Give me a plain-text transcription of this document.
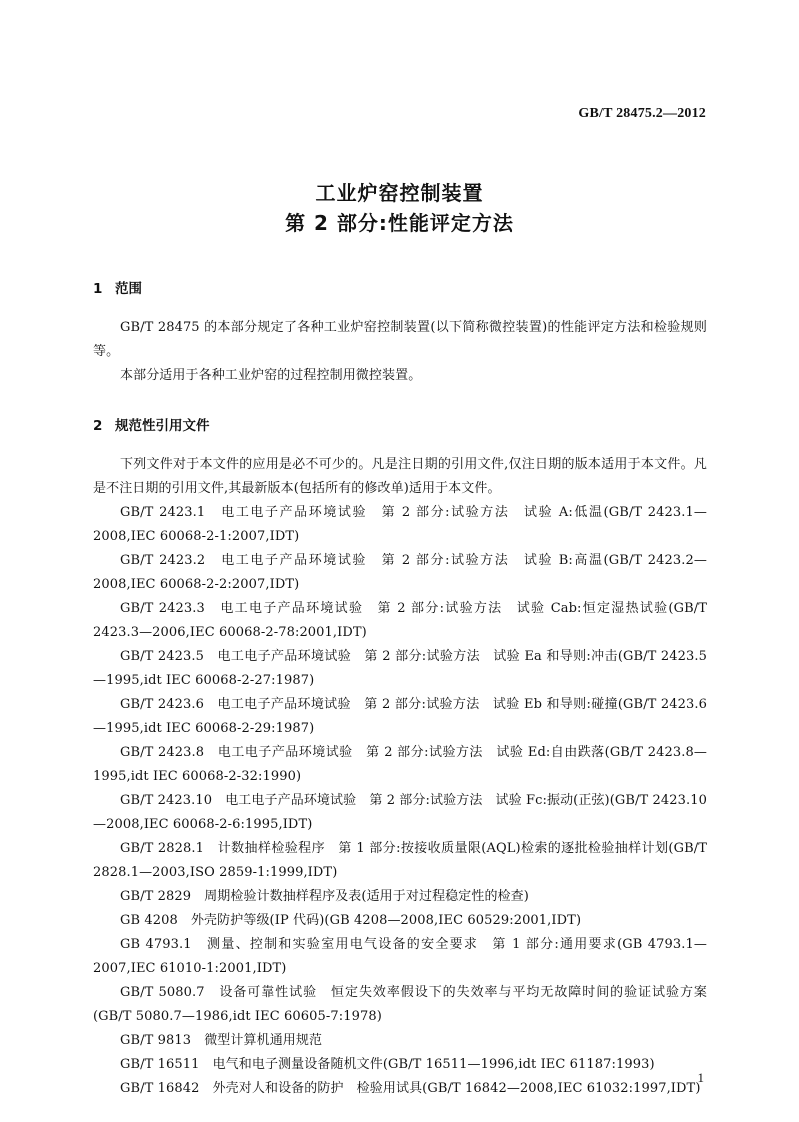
GB/T 28475.2—2012
工业炉窑控制装置
第 2 部分:性能评定方法
1 范围

GB/T 28475 的本部分规定了各种工业炉窑控制装置(以下简称微控装置)的性能评定方法和检验规则等。

本部分适用于各种工业炉窑的过程控制用微控装置。

2 规范性引用文件

下列文件对于本文件的应用是必不可少的。凡是注日期的引用文件,仅注日期的版本适用于本文件。凡是不注日期的引用文件,其最新版本(包括所有的修改单)适用于本文件。

GB/T 2423.1　电工电子产品环境试验　第 2 部分:试验方法　试验 A:低温(GB/T 2423.1—2008,IEC 60068-2-1:2007,IDT)

GB/T 2423.2　电工电子产品环境试验　第 2 部分:试验方法　试验 B:高温(GB/T 2423.2—2008,IEC 60068-2-2:2007,IDT)

GB/T 2423.3　电工电子产品环境试验　第 2 部分:试验方法　试验 Cab:恒定湿热试验(GB/T 2423.3—2006,IEC 60068-2-78:2001,IDT)

GB/T 2423.5　电工电子产品环境试验　第 2 部分:试验方法　试验 Ea 和导则:冲击(GB/T 2423.5—1995,idt IEC 60068-2-27:1987)

GB/T 2423.6　电工电子产品环境试验　第 2 部分:试验方法　试验 Eb 和导则:碰撞(GB/T 2423.6—1995,idt IEC 60068-2-29:1987)

GB/T 2423.8　电工电子产品环境试验　第 2 部分:试验方法　试验 Ed:自由跌落(GB/T 2423.8—1995,idt IEC 60068-2-32:1990)

GB/T 2423.10　电工电子产品环境试验　第 2 部分:试验方法　试验 Fc:振动(正弦)(GB/T 2423.10—2008,IEC 60068-2-6:1995,IDT)

GB/T 2828.1　计数抽样检验程序　第 1 部分:按接收质量限(AQL)检索的逐批检验抽样计划(GB/T 2828.1—2003,ISO 2859-1:1999,IDT)

GB/T 2829　周期检验计数抽样程序及表(适用于对过程稳定性的检查)

GB 4208　外壳防护等级(IP 代码)(GB 4208—2008,IEC 60529:2001,IDT)

GB 4793.1　测量、控制和实验室用电气设备的安全要求　第 1 部分:通用要求(GB 4793.1—2007,IEC 61010-1:2001,IDT)

GB/T 5080.7　设备可靠性试验　恒定失效率假设下的失效率与平均无故障时间的验证试验方案(GB/T 5080.7—1986,idt IEC 60605-7:1978)

GB/T 9813　微型计算机通用规范

GB/T 16511　电气和电子测量设备随机文件(GB/T 16511—1996,idt IEC 61187:1993)

GB/T 16842　外壳对人和设备的防护　检验用试具(GB/T 16842—2008,IEC 61032:1997,IDT)

1
